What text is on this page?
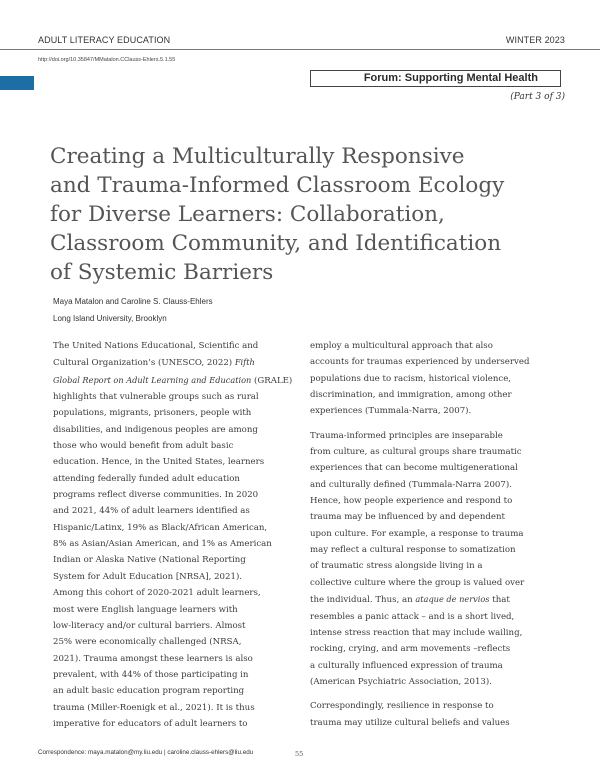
ADULT LITERACY EDUCATION	WINTER 2023
http://doi.org/10.35847/MMatalon.CClauss-Ehlers.5.1.55
Forum: Supporting Mental Health
(Part 3 of 3)
Creating a Multiculturally Responsive
and Trauma-Informed Classroom Ecology
for Diverse Learners: Collaboration,
Classroom Community, and Identification
of Systemic Barriers
Maya Matalon and Caroline S. Clauss-Ehlers
Long Island University, Brooklyn
The United Nations Educational, Scientific and
Cultural Organization’s (UNESCO, 2022) Fifth
Global Report on Adult Learning and Education (GRALE)
highlights that vulnerable groups such as rural
populations, migrants, prisoners, people with
disabilities, and indigenous peoples are among
those who would benefit from adult basic
education. Hence, in the United States, learners
attending federally funded adult education
programs reflect diverse communities. In 2020
and 2021, 44% of adult learners identified as
Hispanic/Latinx, 19% as Black/African American,
8% as Asian/Asian American, and 1% as American
Indian or Alaska Native (National Reporting
System for Adult Education [NRSA], 2021).
Among this cohort of 2020-2021 adult learners,
most were English language learners with
low-literacy and/or cultural barriers. Almost
25% were economically challenged (NRSA,
2021). Trauma amongst these learners is also
prevalent, with 44% of those participating in
an adult basic education program reporting
trauma (Miller-Roenigk et al., 2021). It is thus
imperative for educators of adult learners to
employ a multicultural approach that also
accounts for traumas experienced by underserved
populations due to racism, historical violence,
discrimination, and immigration, among other
experiences (Tummala-Narra, 2007).
Trauma-informed principles are inseparable
from culture, as cultural groups share traumatic
experiences that can become multigenerational
and culturally defined (Tummala-Narra 2007).
Hence, how people experience and respond to
trauma may be influenced by and dependent
upon culture. For example, a response to trauma
may reflect a cultural response to somatization
of traumatic stress alongside living in a
collective culture where the group is valued over
the individual. Thus, an ataque de nervios that
resembles a panic attack – and is a short lived,
intense stress reaction that may include wailing,
rocking, crying, and arm movements –reflects
a culturally influenced expression of trauma
(American Psychiatric Association, 2013).
Correspondingly, resilience in response to
trauma may utilize cultural beliefs and values
Correspondence: maya.matalon@my.liu.edu | caroline.clauss-ehlers@liu.edu	55
